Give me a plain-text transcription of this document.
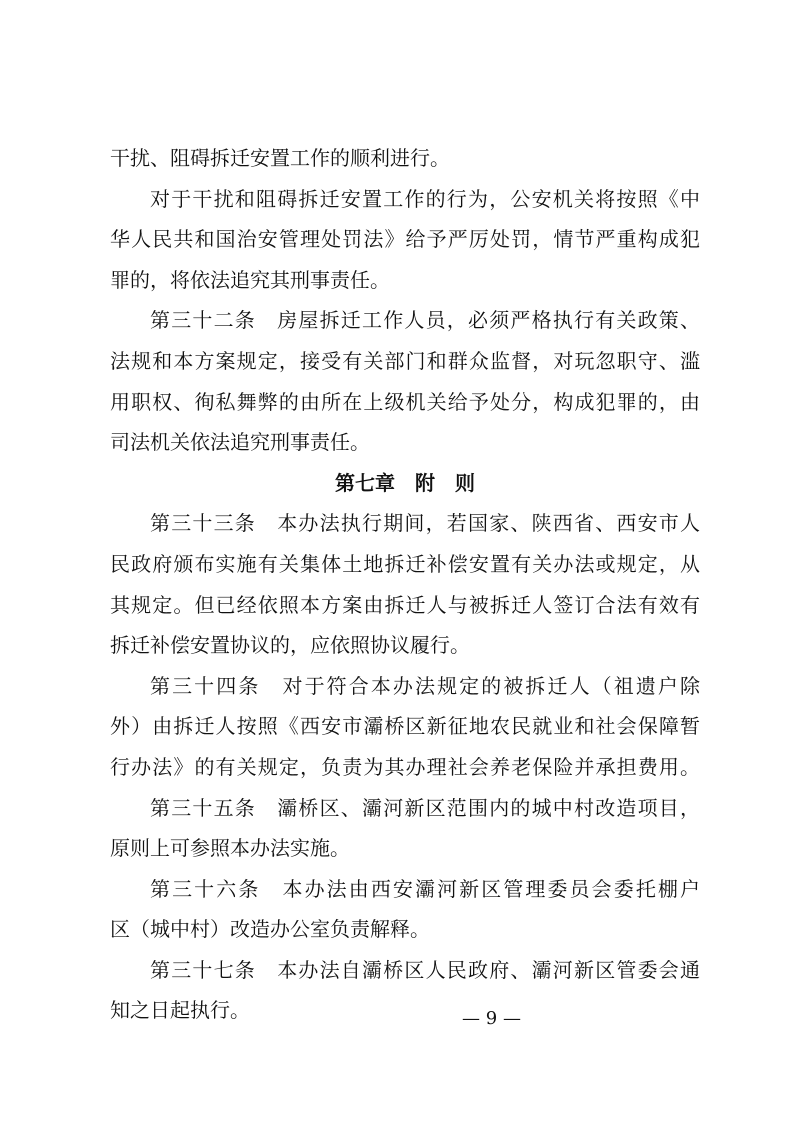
干扰、阻碍拆迁安置工作的顺利进行。
对于干扰和阻碍拆迁安置工作的行为，公安机关将按照《中
华人民共和国治安管理处罚法》给予严厉处罚，情节严重构成犯
罪的，将依法追究其刑事责任。
第三十二条　房屋拆迁工作人员，必须严格执行有关政策、
法规和本方案规定，接受有关部门和群众监督，对玩忽职守、滥
用职权、徇私舞弊的由所在上级机关给予处分，构成犯罪的，由
司法机关依法追究刑事责任。
第七章　附　则
第三十三条　本办法执行期间，若国家、陕西省、西安市人
民政府颁布实施有关集体土地拆迁补偿安置有关办法或规定，从
其规定。但已经依照本方案由拆迁人与被拆迁人签订合法有效有
拆迁补偿安置协议的，应依照协议履行。
第三十四条　对于符合本办法规定的被拆迁人（祖遗户除
外）由拆迁人按照《西安市灞桥区新征地农民就业和社会保障暂
行办法》的有关规定，负责为其办理社会养老保险并承担费用。
第三十五条　灞桥区、灞河新区范围内的城中村改造项目，
原则上可参照本办法实施。
第三十六条　本办法由西安灞河新区管理委员会委托棚户
区（城中村）改造办公室负责解释。
第三十七条　本办法自灞桥区人民政府、灞河新区管委会通
知之日起执行。	— 9 —
